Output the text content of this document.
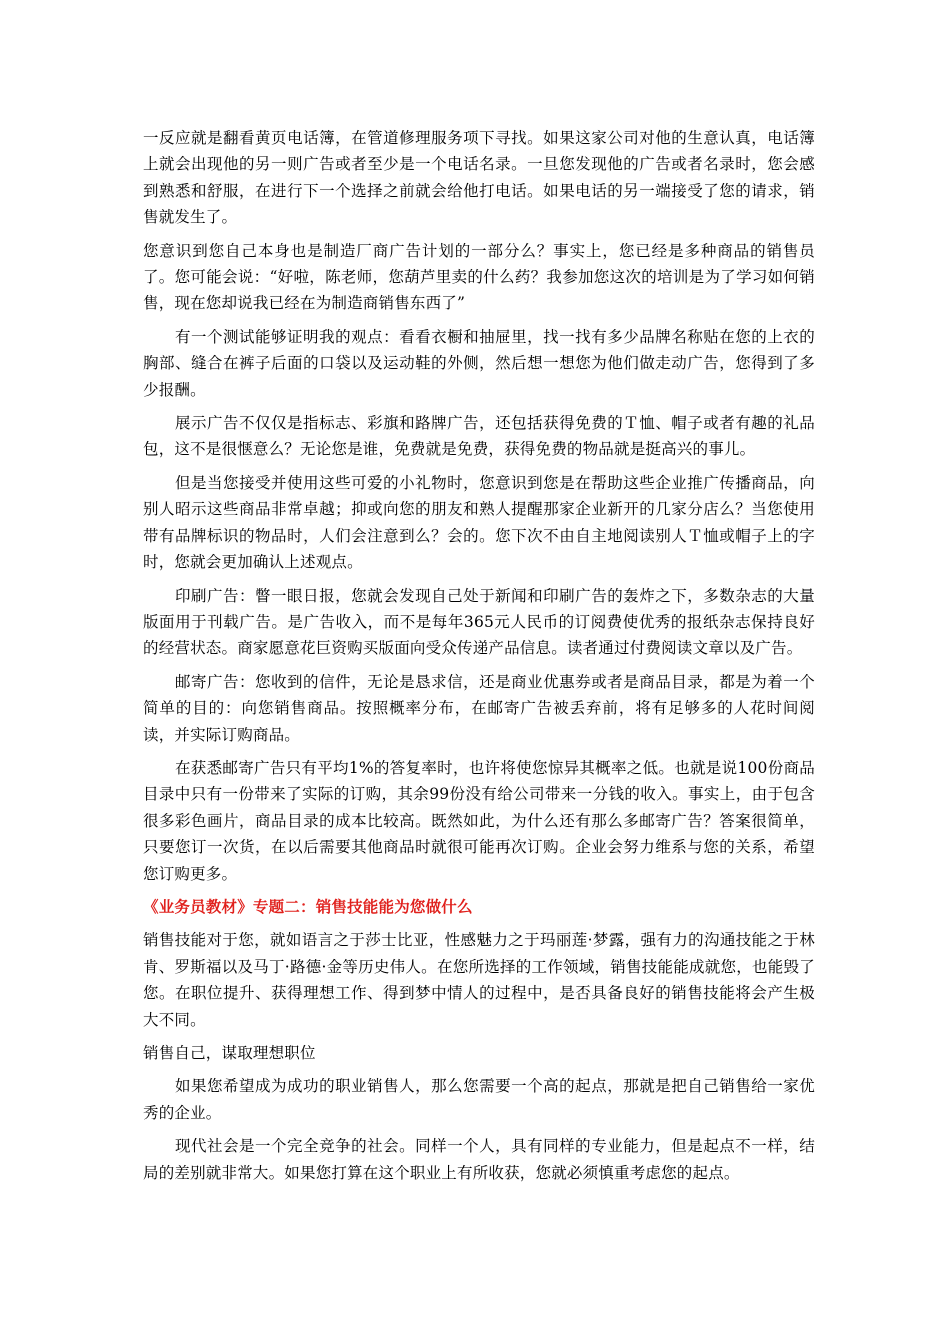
一反应就是翻看黄页电话簿，在管道修理服务项下寻找。如果这家公司对他的生意认真，电话簿上就会出现他的另一则广告或者至少是一个电话名录。一旦您发现他的广告或者名录时，您会感到熟悉和舒服，在进行下一个选择之前就会给他打电话。如果电话的另一端接受了您的请求，销售就发生了。

您意识到您自己本身也是制造厂商广告计划的一部分么？事实上，您已经是多种商品的销售员了。您可能会说：“好啦，陈老师，您葫芦里卖的什么药？我参加您这次的培训是为了学习如何销售，现在您却说我已经在为制造商销售东西了”

有一个测试能够证明我的观点：看看衣橱和抽屉里，找一找有多少品牌名称贴在您的上衣的胸部、缝合在裤子后面的口袋以及运动鞋的外侧，然后想一想您为他们做走动广告，您得到了多少报酬。

展示广告不仅仅是指标志、彩旗和路牌广告，还包括获得免费的Ｔ恤、帽子或者有趣的礼品包，这不是很惬意么？无论您是谁，免费就是免费，获得免费的物品就是挺高兴的事儿。

但是当您接受并使用这些可爱的小礼物时，您意识到您是在帮助这些企业推广传播商品，向别人昭示这些商品非常卓越；抑或向您的朋友和熟人提醒那家企业新开的几家分店么？当您使用带有品牌标识的物品时，人们会注意到么？会的。您下次不由自主地阅读别人Ｔ恤或帽子上的字时，您就会更加确认上述观点。

印刷广告：瞥一眼日报，您就会发现自己处于新闻和印刷广告的轰炸之下，多数杂志的大量版面用于刊载广告。是广告收入，而不是每年365元人民币的订阅费使优秀的报纸杂志保持良好的经营状态。商家愿意花巨资购买版面向受众传递产品信息。读者通过付费阅读文章以及广告。

邮寄广告：您收到的信件，无论是恳求信，还是商业优惠券或者是商品目录，都是为着一个简单的目的：向您销售商品。按照概率分布，在邮寄广告被丢弃前，将有足够多的人花时间阅读，并实际订购商品。

在获悉邮寄广告只有平均1%的答复率时，也许将使您惊异其概率之低。也就是说100份商品目录中只有一份带来了实际的订购，其余99份没有给公司带来一分钱的收入。事实上，由于包含很多彩色画片，商品目录的成本比较高。既然如此，为什么还有那么多邮寄广告？答案很简单，只要您订一次货，在以后需要其他商品时就很可能再次订购。企业会努力维系与您的关系，希望您订购更多。

《业务员教材》专题二：销售技能能为您做什么

销售技能对于您，就如语言之于莎士比亚，性感魅力之于玛丽莲·梦露，强有力的沟通技能之于林肯、罗斯福以及马丁·路德·金等历史伟人。在您所选择的工作领域，销售技能能成就您，也能毁了您。在职位提升、获得理想工作、得到梦中情人的过程中，是否具备良好的销售技能将会产生极大不同。

销售自己，谋取理想职位

如果您希望成为成功的职业销售人，那么您需要一个高的起点，那就是把自己销售给一家优秀的企业。

现代社会是一个完全竞争的社会。同样一个人，具有同样的专业能力，但是起点不一样，结局的差别就非常大。如果您打算在这个职业上有所收获，您就必须慎重考虑您的起点。
